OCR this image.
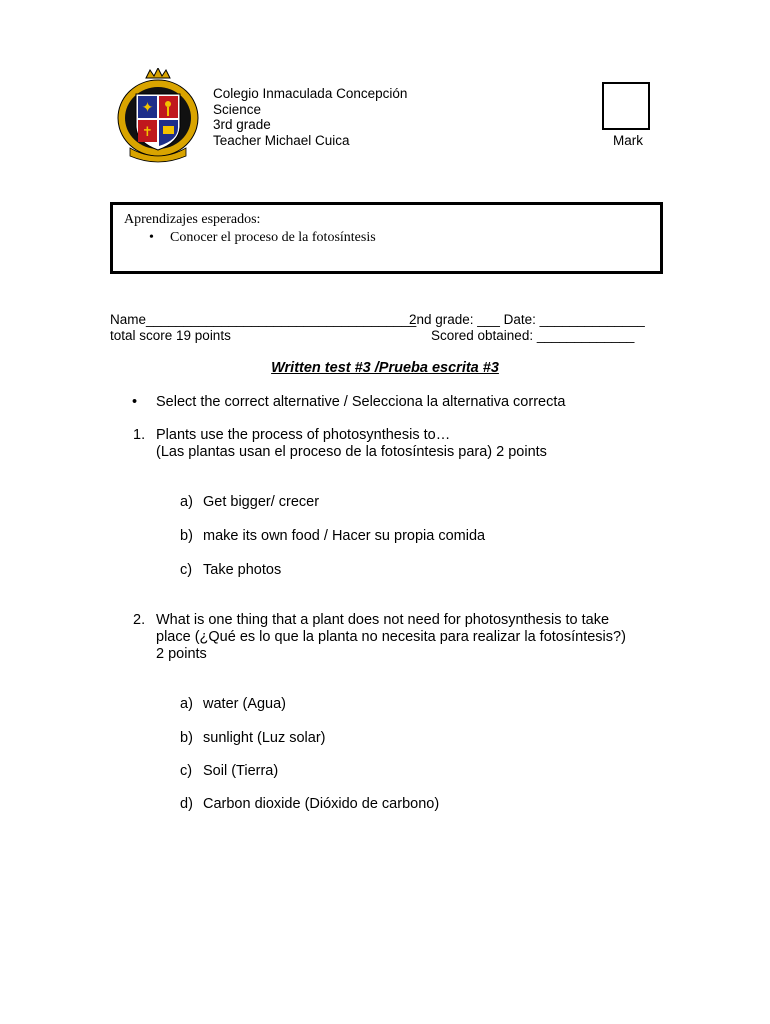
✦
✝
Colegio Inmaculada Concepción
Science
3rd grade
Teacher Michael Cuica	Mark
Aprendizajes esperados:
• Conocer el proceso de la fotosíntesis
Name____________________________________
2nd grade: ___ Date: ______________
total score 19 points	Scored obtained: _____________
Written test #3 /Prueba escrita #3
• Select the correct alternative / Selecciona la alternativa correcta
1. Plants use the process of photosynthesis to…
(Las plantas usan el proceso de la fotosíntesis para) 2 points
a) Get bigger/ crecer
b) make its own food / Hacer su propia comida
c) Take photos
2. What is one thing that a plant does not need for photosynthesis to take
place (¿Qué es lo que la planta no necesita para realizar la fotosíntesis?)
2 points
a) water (Agua)
b) sunlight (Luz solar)
c) Soil (Tierra)
d) Carbon dioxide (Dióxido de carbono)
